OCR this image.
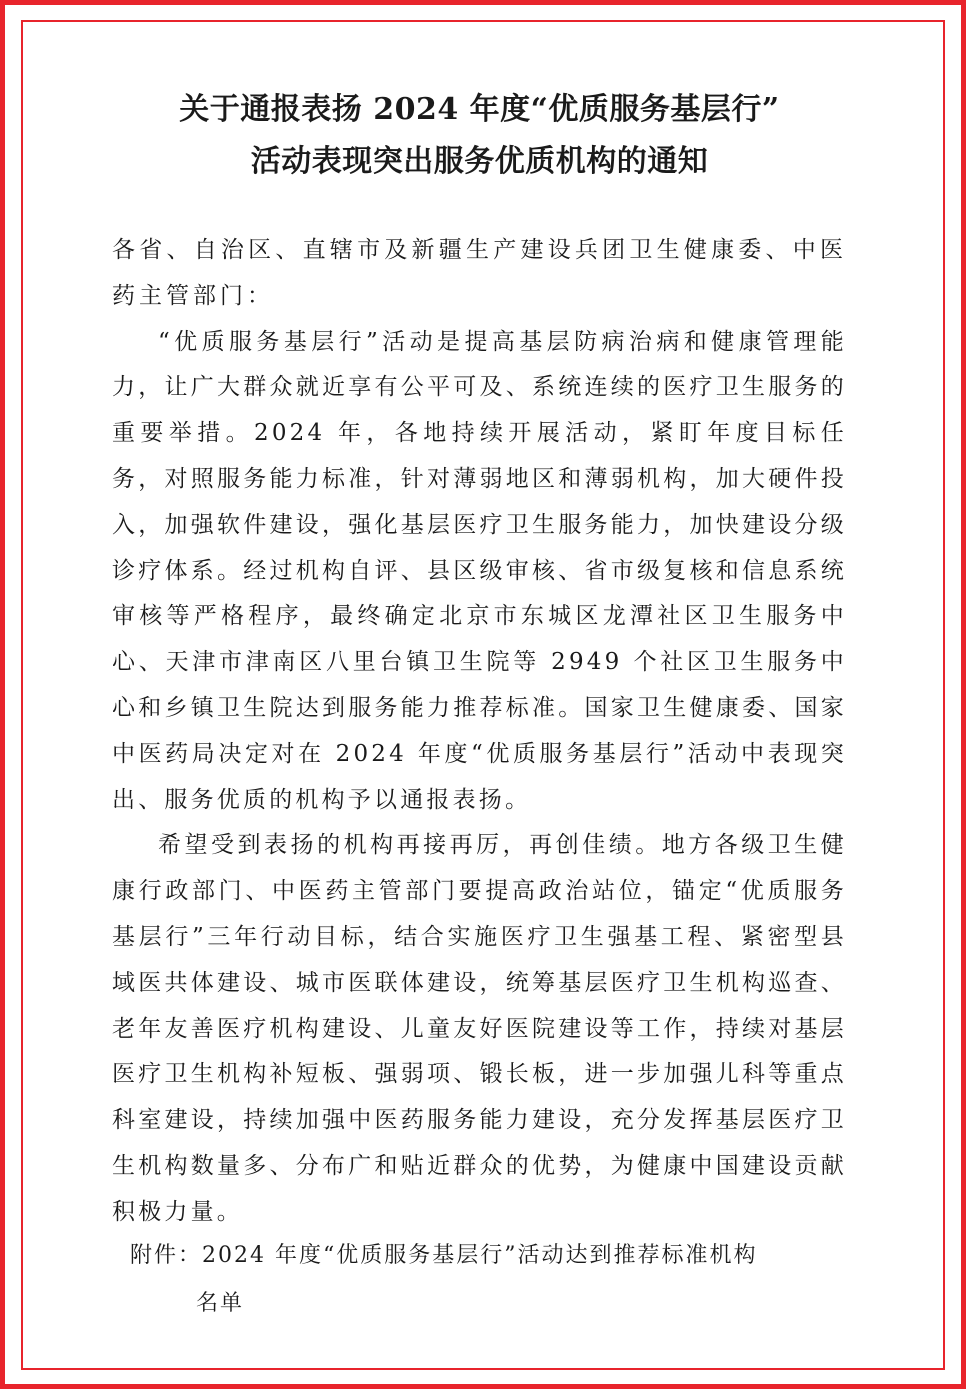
关于通报表扬 2024 年度“优质服务基层行”
活动表现突出服务优质机构的通知
各省、自治区、直辖市及新疆生产建设兵团卫生健康委、中医药主管部门：

“优质服务基层行”活动是提高基层防病治病和健康管理能力，让广大群众就近享有公平可及、系统连续的医疗卫生服务的重要举措。2024 年，各地持续开展活动，紧盯年度目标任务，对照服务能力标准，针对薄弱地区和薄弱机构，加大硬件投入，加强软件建设，强化基层医疗卫生服务能力，加快建设分级诊疗体系。经过机构自评、县区级审核、省市级复核和信息系统审核等严格程序，最终确定北京市东城区龙潭社区卫生服务中心、天津市津南区八里台镇卫生院等 2949 个社区卫生服务中心和乡镇卫生院达到服务能力推荐标准。国家卫生健康委、国家中医药局决定对在 2024 年度“优质服务基层行”活动中表现突出、服务优质的机构予以通报表扬。

希望受到表扬的机构再接再厉，再创佳绩。地方各级卫生健康行政部门、中医药主管部门要提高政治站位，锚定“优质服务基层行”三年行动目标，结合实施医疗卫生强基工程、紧密型县域医共体建设、城市医联体建设，统筹基层医疗卫生机构巡查、老年友善医疗机构建设、儿童友好医院建设等工作，持续对基层医疗卫生机构补短板、强弱项、锻长板，进一步加强儿科等重点科室建设，持续加强中医药服务能力建设，充分发挥基层医疗卫生机构数量多、分布广和贴近群众的优势，为健康中国建设贡献积极力量。

附件：2024 年度“优质服务基层行”活动达到推荐标准机构
名单
